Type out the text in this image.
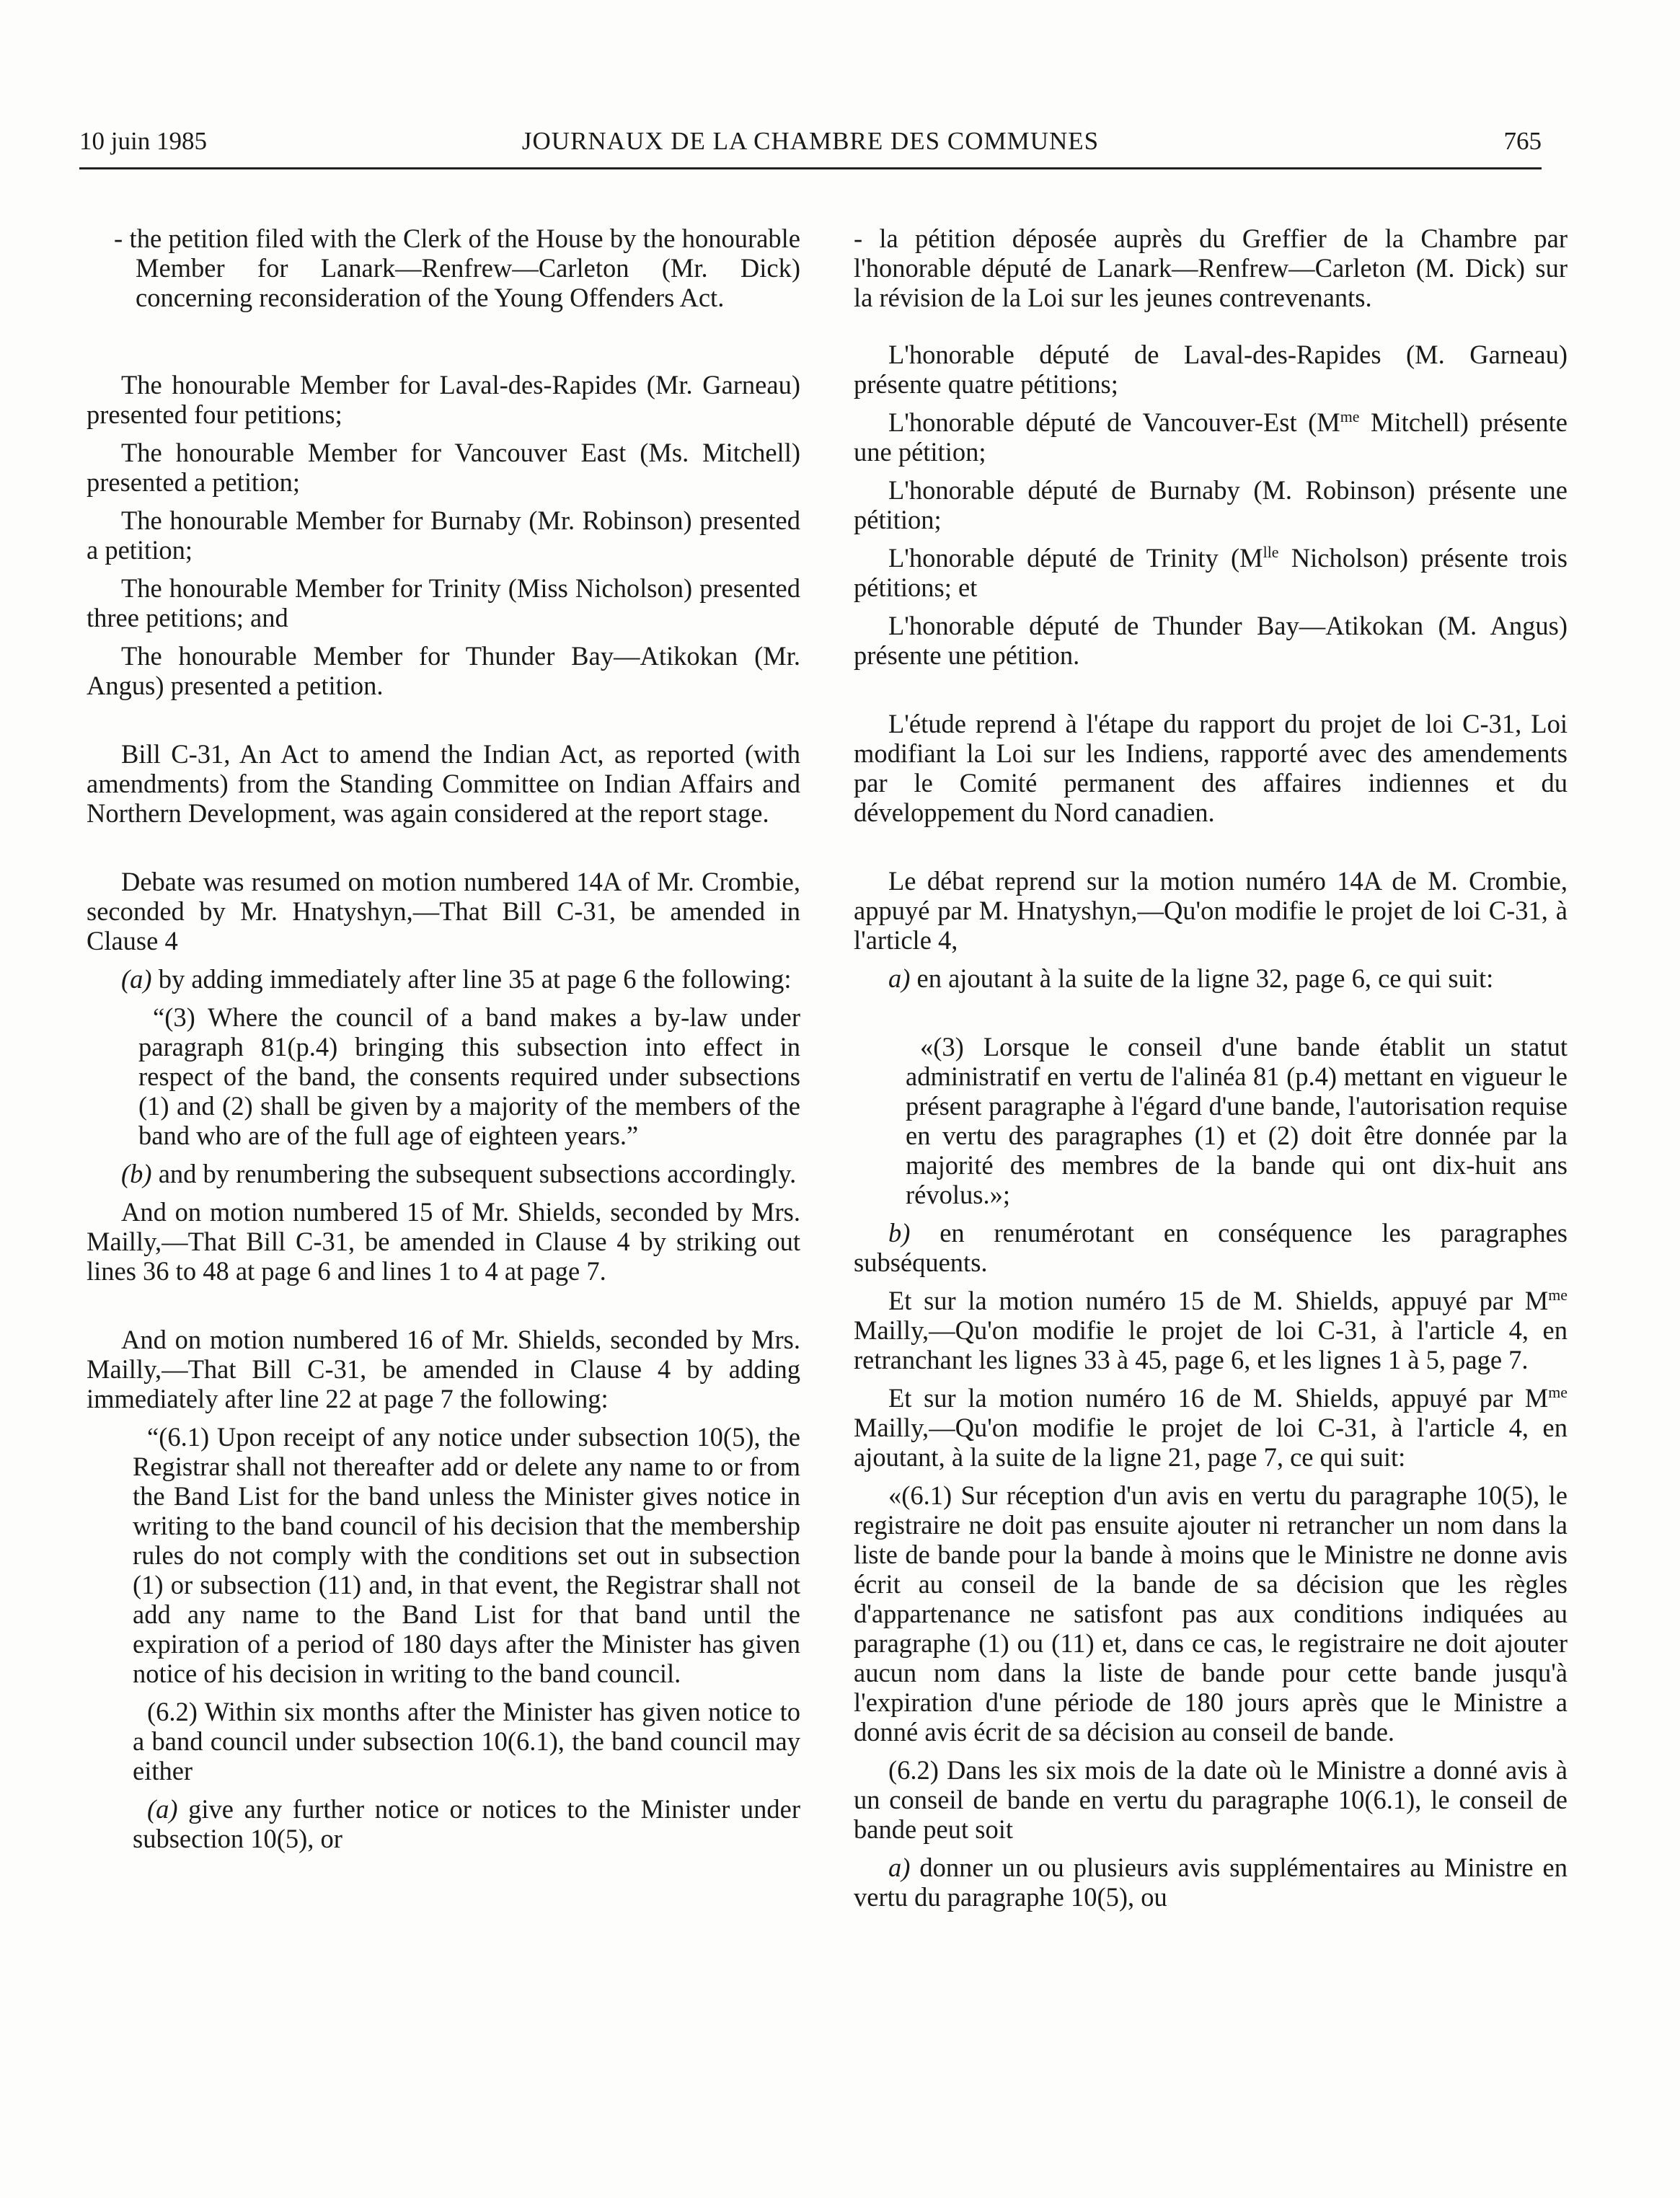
10 juin 1985	JOURNAUX DE LA CHAMBRE DES COMMUNES	765

- the petition filed with the Clerk of the House by the honourable Member for Lanark—Renfrew—Carleton (Mr. Dick) concerning reconsideration of the Young Offenders Act.

The honourable Member for Laval-des-Rapides (Mr. Garneau) presented four petitions;

The honourable Member for Vancouver East (Ms. Mitchell) presented a petition;

The honourable Member for Burnaby (Mr. Robinson) presented a petition;

The honourable Member for Trinity (Miss Nicholson) presented three petitions; and

The honourable Member for Thunder Bay—Atikokan (Mr. Angus) presented a petition.

Bill C-31, An Act to amend the Indian Act, as reported (with amendments) from the Standing Committee on Indian Affairs and Northern Development, was again considered at the report stage.

Debate was resumed on motion numbered 14A of Mr. Crombie, seconded by Mr. Hnatyshyn,—That Bill C-31, be amended in Clause 4

(a) by adding immediately after line 35 at page 6 the following:

“(3) Where the council of a band makes a by-law under paragraph 81(p.4) bringing this subsection into effect in respect of the band, the consents required under subsections (1) and (2) shall be given by a majority of the members of the band who are of the full age of eighteen years.”

(b) and by renumbering the subsequent subsections accordingly.

And on motion numbered 15 of Mr. Shields, seconded by Mrs. Mailly,—That Bill C-31, be amended in Clause 4 by striking out lines 36 to 48 at page 6 and lines 1 to 4 at page 7.

And on motion numbered 16 of Mr. Shields, seconded by Mrs. Mailly,—That Bill C-31, be amended in Clause 4 by adding immediately after line 22 at page 7 the following:

“(6.1) Upon receipt of any notice under subsection 10(5), the Registrar shall not thereafter add or delete any name to or from the Band List for the band unless the Minister gives notice in writing to the band council of his decision that the membership rules do not comply with the conditions set out in subsection (1) or subsection (11) and, in that event, the Registrar shall not add any name to the Band List for that band until the expiration of a period of 180 days after the Minister has given notice of his decision in writing to the band council.

(6.2) Within six months after the Minister has given notice to a band council under subsection 10(6.1), the band council may either

(a) give any further notice or notices to the Minister under subsection 10(5), or

- la pétition déposée auprès du Greffier de la Chambre par l'honorable député de Lanark—Renfrew—Carleton (M. Dick) sur la révision de la Loi sur les jeunes contrevenants.

L'honorable député de Laval-des-Rapides (M. Garneau) présente quatre pétitions;

L'honorable député de Vancouver-Est ($M^{me}$ Mitchell) présente une pétition;

L'honorable député de Burnaby (M. Robinson) présente une pétition;

L'honorable député de Trinity ($M^{lle}$ Nicholson) présente trois pétitions; et

L'honorable député de Thunder Bay—Atikokan (M. Angus) présente une pétition.

L'étude reprend à l'étape du rapport du projet de loi C-31, Loi modifiant la Loi sur les Indiens, rapporté avec des amendements par le Comité permanent des affaires indiennes et du développement du Nord canadien.

Le débat reprend sur la motion numéro 14A de M. Crombie, appuyé par M. Hnatyshyn,—Qu'on modifie le projet de loi C-31, à l'article 4,

a) en ajoutant à la suite de la ligne 32, page 6, ce qui suit:

«(3) Lorsque le conseil d'une bande établit un statut administratif en vertu de l'alinéa 81 (p.4) mettant en vigueur le présent paragraphe à l'égard d'une bande, l'autorisation requise en vertu des paragraphes (1) et (2) doit être donnée par la majorité des membres de la bande qui ont dix-huit ans révolus.»;

b) en renumérotant en conséquence les paragraphes subséquents.

Et sur la motion numéro 15 de M. Shields, appuyé par $M^{me}$ Mailly,—Qu'on modifie le projet de loi C-31, à l'article 4, en retranchant les lignes 33 à 45, page 6, et les lignes 1 à 5, page 7.

Et sur la motion numéro 16 de M. Shields, appuyé par $M^{me}$ Mailly,—Qu'on modifie le projet de loi C-31, à l'article 4, en ajoutant, à la suite de la ligne 21, page 7, ce qui suit:

«(6.1) Sur réception d'un avis en vertu du paragraphe 10(5), le registraire ne doit pas ensuite ajouter ni retrancher un nom dans la liste de bande pour la bande à moins que le Ministre ne donne avis écrit au conseil de la bande de sa décision que les règles d'appartenance ne satisfont pas aux conditions indiquées au paragraphe (1) ou (11) et, dans ce cas, le registraire ne doit ajouter aucun nom dans la liste de bande pour cette bande jusqu'à l'expiration d'une période de 180 jours après que le Ministre a donné avis écrit de sa décision au conseil de bande.

(6.2) Dans les six mois de la date où le Ministre a donné avis à un conseil de bande en vertu du paragraphe 10(6.1), le conseil de bande peut soit

a) donner un ou plusieurs avis supplémentaires au Ministre en vertu du paragraphe 10(5), ou
